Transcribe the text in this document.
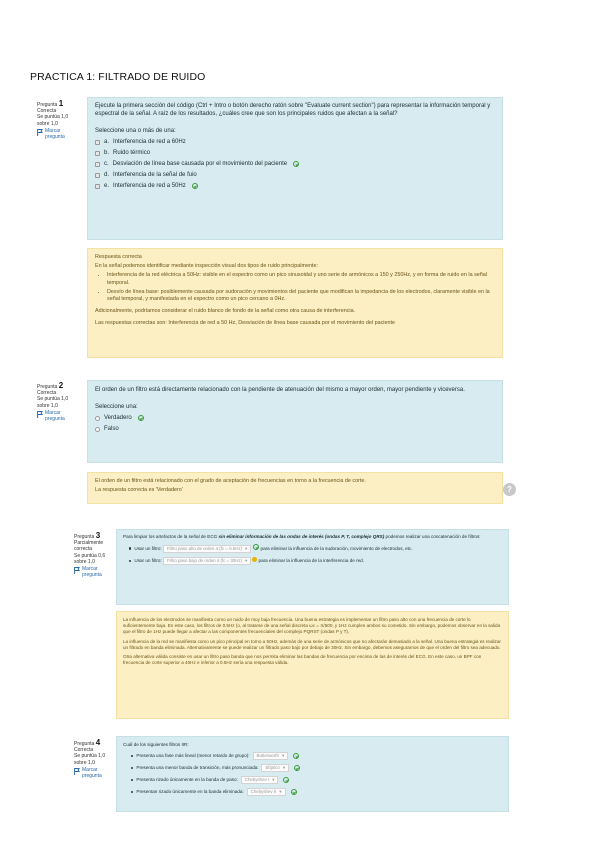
PRACTICA 1: FILTRADO DE RUIDO
Pregunta 1
Correcta
Se puntúa 1,0 sobre 1,0
Marcar pregunta
Ejecute la primera sección del código (Ctrl + Intro o botón derecho ratón sobre "Evaluate current section") para representar la información temporal y espectral de la señal. A raíz de los resultados, ¿cuáles cree que son los principales ruidos que afectan a la señal?
Seleccione una o más de una:
a. Interferencia de red a 60Hz
b. Ruido térmico
c. Desviación de línea base causada por el movimiento del paciente
d. Interferencia de la señal de fuio
e. Interferencia de red a 50Hz
Respuesta correcta
En la señal podemos identificar mediante inspección visual dos tipos de ruido principalmente:
• Interferencia de la red eléctrica a 50Hz: visible en el espectro como un pico sinusoidal y uno serie de armónicos a 150 y 250Hz, y en forma de ruido en la señal temporal.
• Desvío de línea base: posiblemente causada por sudoración y movimientos del paciente que modifican la impedancia de los electrodos, claramente visible en la señal temporal, y manifestada en el espectro como un pico cercano a 0Hz.
Adicionalmente, podríamos considerar el ruido blanco de fondo de la señal como otra causa de interferencia.
Las respuestas correctas son: Interferencia de red a 50 Hz, Desviación de línea base causada por el movimiento del paciente
Pregunta 2
Correcta
Se puntúa 1,0 sobre 1,0
Marcar pregunta
El orden de un filtro está directamente relacionado con la pendiente de atenuación del mismo a mayor orden, mayor pendiente y viceversa.
Seleccione una:
Verdadero
Falso
El orden de un filtro está relacionado con el grado de aceptación de frecuencias en torno a la frecuencia de corte.
La respuesta correcta es 'Verdadero'	?
Pregunta 3
Parcialmente correcta
Se puntúa 0,6 sobre 1,0
Marcar pregunta
Para limpiar los artefactos de la señal de ECG sin eliminar información de las ondas de interés (ondas P, T, complejo QRS) podemos realizar una concatenación de filtros:
Usar un filtro: Filtro paso alto de orden 4 (fc = 0.5Hz) ▾	para eliminar la influencia de la sudoración, movimiento de electrodos, etc.
Usar un filtro: Filtro paso bajo de orden 4 (fc = 30Hz) ▾ para eliminar la influencia de la interferencia de red.
La influencia de los electrodos se manifiesta como un ruido de muy baja frecuencia. Una buena estrategia es implementar un filtro paso alto con una frecuencia de corte lo suficientemente baja. En este caso, los filtros de 0.5Hz (o, al tratarse de una señal discreta ωc = π/500, y 1Hz cumplen ambos su cometido. Sin embargo, podemos observar en la salida que el filtro de 1Hz puede llegar a afectar a las componentes frecuenciales del complejo PQRST (ondas P y T).
La influencia de la red se manifiesta como un pico principal en torno a 50Hz, además de una serie de armónicos que no afectarán demasiado a la señal. Una buena estrategia es realizar un filtrado en banda eliminada. Alternativamente se puede realizar un filtrado paso bajo por debajo de 30Hz. Sin embargo, debemos asegurarnos de que el orden del filtro sea adecuado.
Otra alternativa válida consiste en usar un filtro paso banda que nos permita eliminar las bandas de frecuencia por encima de las de interés del ECG. En este caso, un BPF con frecuencia de corte superior a 40Hz e inferior a 0.5Hz sería una respuesta válida.
Pregunta 4
Correcta
Se puntúa 1,0 sobre 1,0
Marcar pregunta
Cuál de los siguientes filtros IIR:
Presenta una fase más lineal (menor retardo de grupo): Butterworth ▾
Presenta una menor banda de transición, más pronunciada: Elíptico ▾
Presenta rizado únicamente en la banda de paso: Chebyshev I ▾
Presentan rizado únicamente en la banda eliminada: Chebyshev II ▾
